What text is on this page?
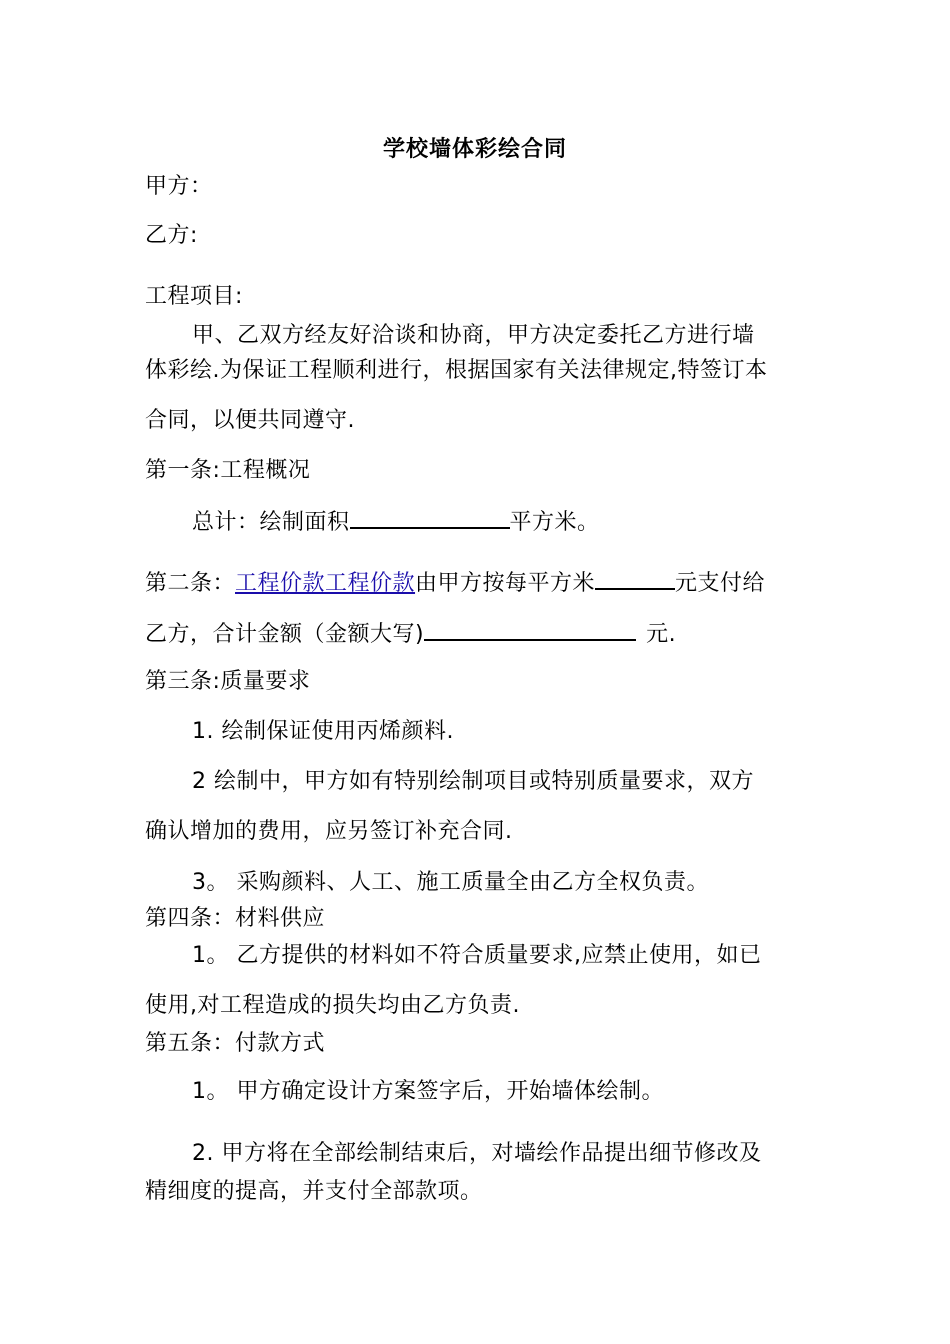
学校墙体彩绘合同
甲方：
乙方:
工程项目:
甲、乙双方经友好洽谈和协商，甲方决定委托乙方进行墙
体彩绘.为保证工程顺利进行，根据国家有关法律规定,特签订本
合同，以便共同遵守.
第一条:工程概况
总计：绘制面积	平方米。
第二条：工程价款工程价款由甲方按每平方米	元支付给
乙方，合计金额（金额大写)	元.
第三条:质量要求
1. 绘制保证使用丙烯颜料.
2 绘制中，甲方如有特别绘制项目或特别质量要求，双方
确认增加的费用，应另签订补充合同.
3。 采购颜料、人工、施工质量全由乙方全权负责。
第四条：材料供应
1。 乙方提供的材料如不符合质量要求,应禁止使用，如已
使用,对工程造成的损失均由乙方负责.
第五条：付款方式
1。 甲方确定设计方案签字后，开始墙体绘制。
2. 甲方将在全部绘制结束后，对墙绘作品提出细节修改及
精细度的提高，并支付全部款项。
